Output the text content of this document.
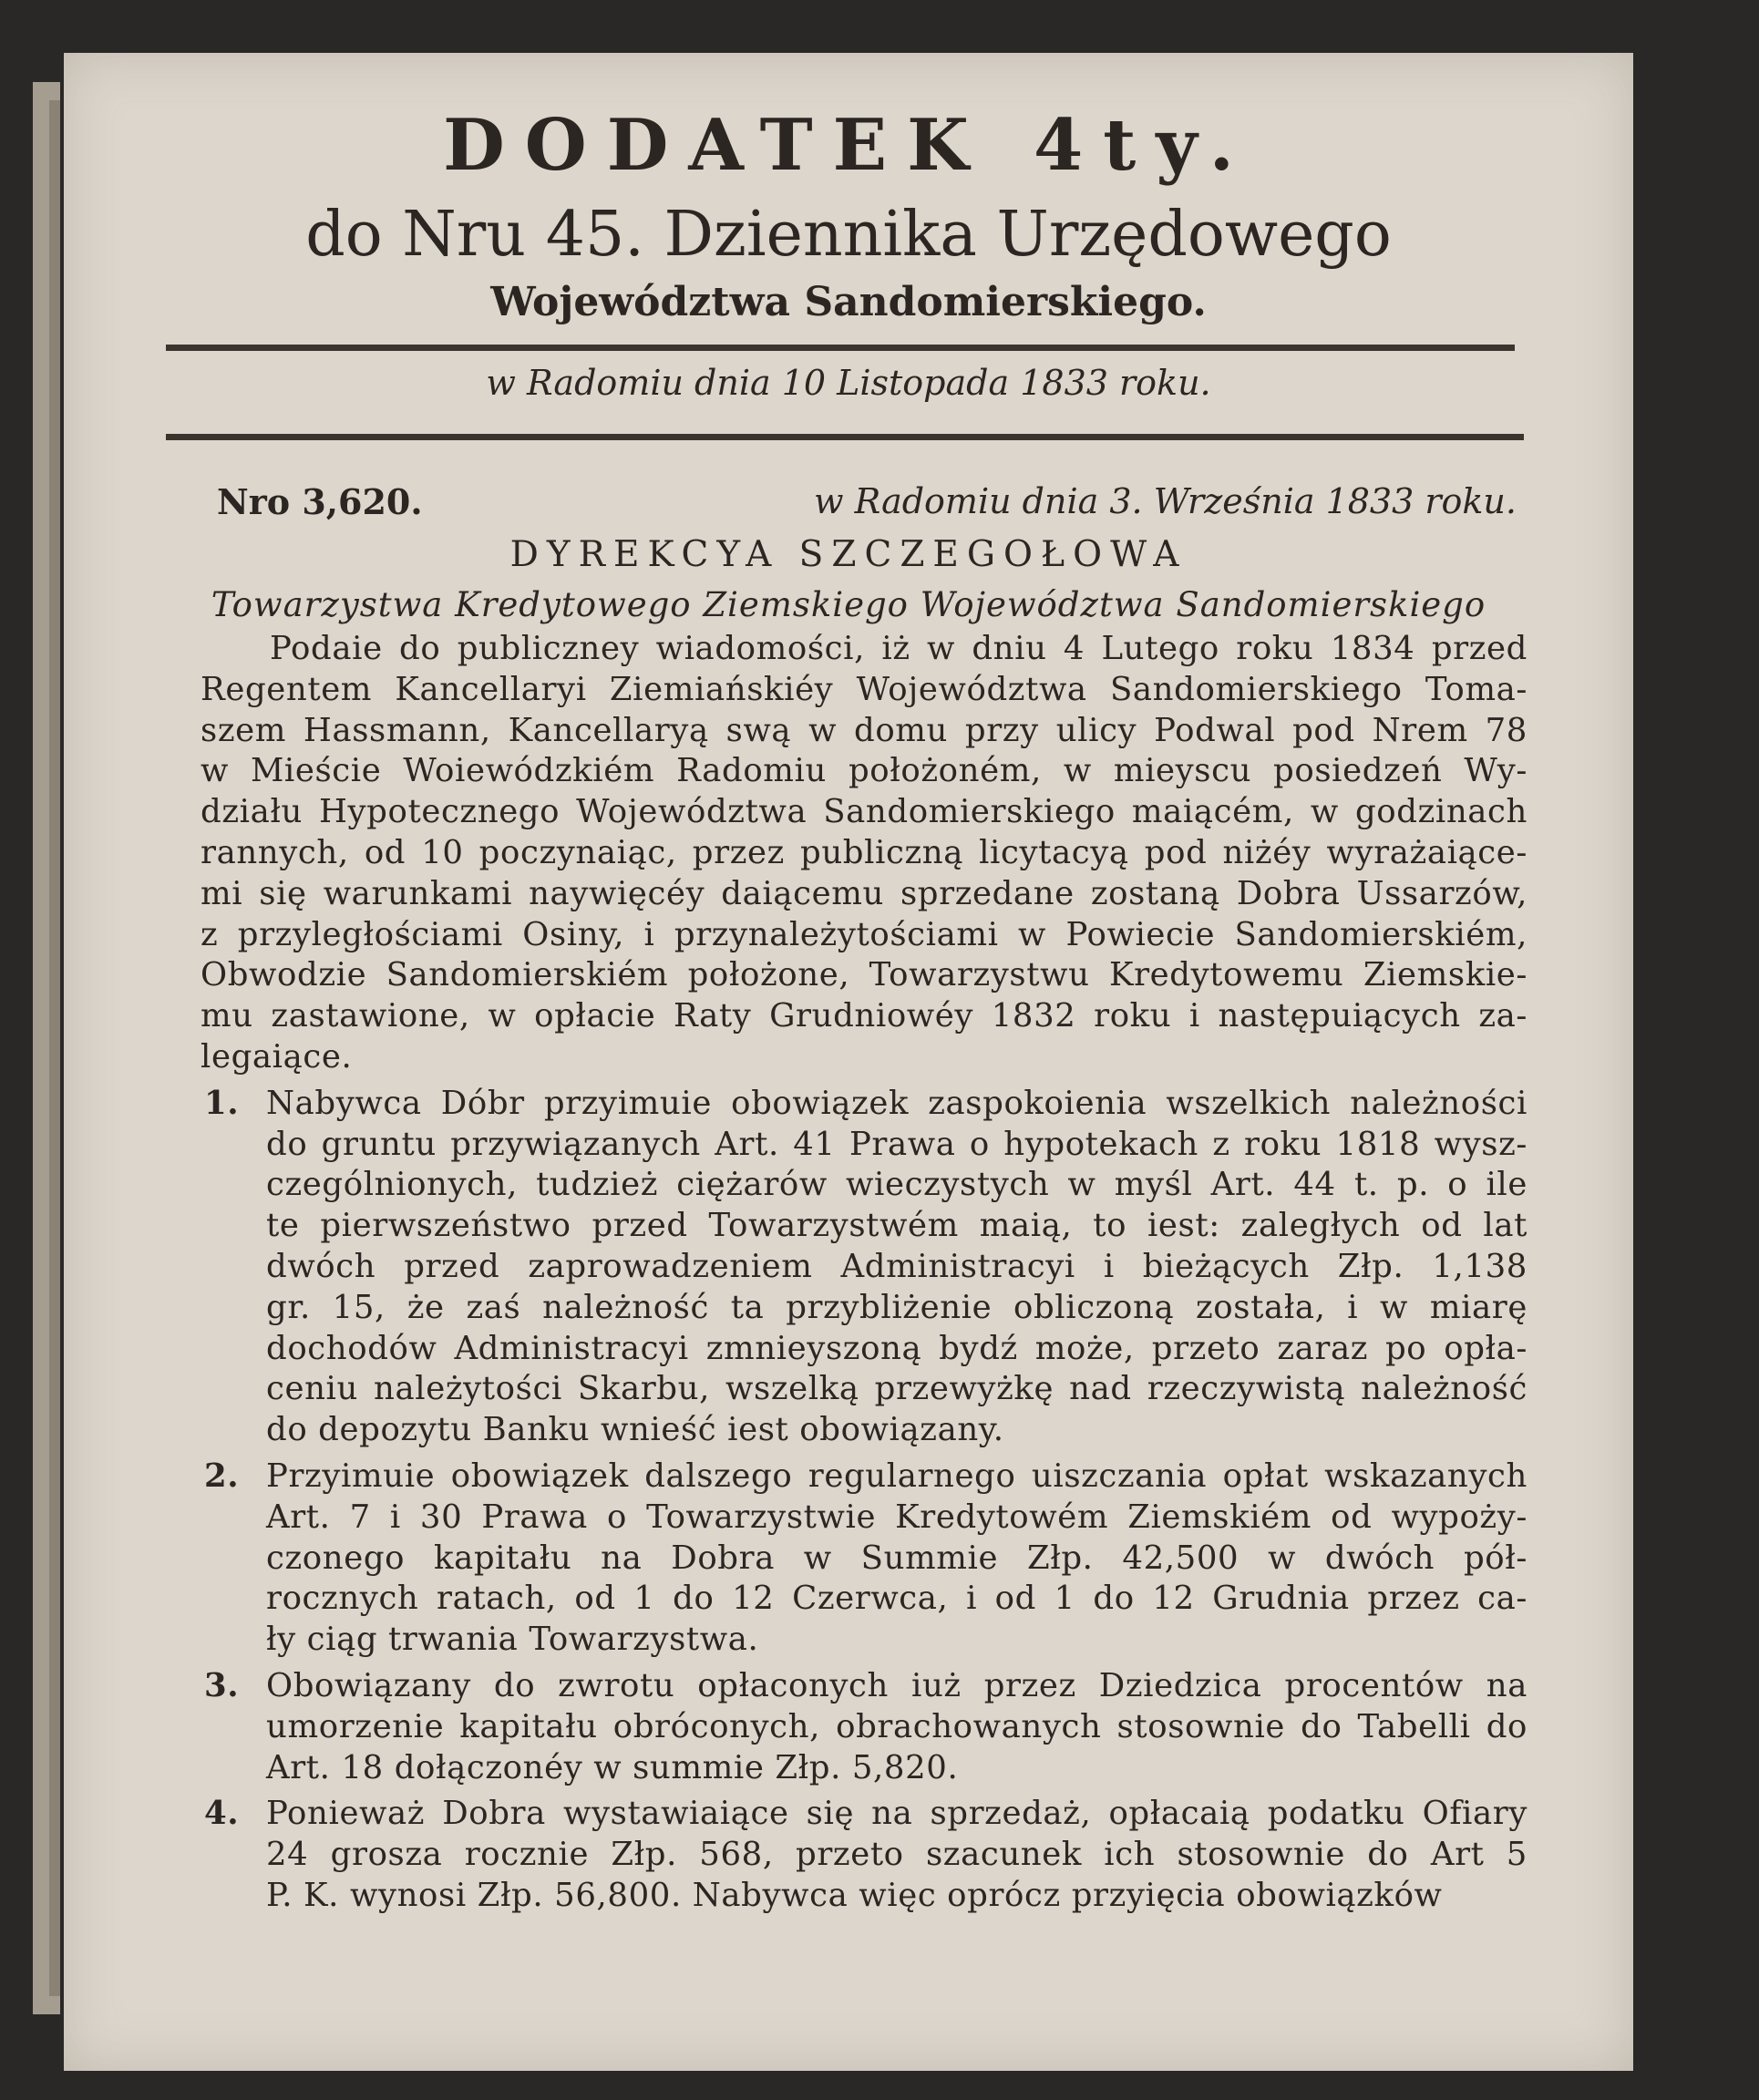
DODATEK 4ty.
do Nru 45. Dziennika Urzędowego
Województwa Sandomierskiego.
w Radomiu dnia 10 Listopada 1833 roku.
Nro 3,620.	w Radomiu dnia 3. Września 1833 roku.
DYREKCYA SZCZEGOŁOWA
Towarzystwa Kredytowego Ziemskiego Województwa Sandomierskiego
Podaie do publiczney wiadomości, iż w dniu 4 Lutego roku 1834 przed
Regentem Kancellaryi Ziemiańskiéy Województwa Sandomierskiego Toma-
szem Hassmann, Kancellaryą swą w domu przy ulicy Podwal pod Nrem 78
w Mieście Woiewódzkiém Radomiu położoném, w mieyscu posiedzeń Wy-
działu Hypotecznego Województwa Sandomierskiego maiącém, w godzinach
rannych, od 10 poczynaiąc, przez publiczną licytacyą pod niżéy wyrażaiące-
mi się warunkami naywięcéy daiącemu sprzedane zostaną Dobra Ussarzów,
z przyległościami Osiny, i przynależytościami w Powiecie Sandomierskiém,
Obwodzie Sandomierskiém położone, Towarzystwu Kredytowemu Ziemskie-
mu zastawione, w opłacie Raty Grudniowéy 1832 roku i następuiących za-
legaiące.
1. Nabywca Dóbr przyimuie obowiązek zaspokoienia wszelkich należności
do gruntu przywiązanych Art. 41 Prawa o hypotekach z roku 1818 wysz-
czególnionych, tudzież ciężarów wieczystych w myśl Art. 44 t. p. o ile
te pierwszeństwo przed Towarzystwém maią, to iest: zaległych od lat
dwóch przed zaprowadzeniem Administracyi i bieżących Złp. 1,138
gr. 15, że zaś należność ta przybliżenie obliczoną została, i w miarę
dochodów Administracyi zmnieyszoną bydź może, przeto zaraz po opła-
ceniu należytości Skarbu, wszelką przewyżkę nad rzeczywistą należność
do depozytu Banku wnieść iest obowiązany.
2. Przyimuie obowiązek dalszego regularnego uiszczania opłat wskazanych
Art. 7 i 30 Prawa o Towarzystwie Kredytowém Ziemskiém od wypoży-
czonego kapitału na Dobra w Summie Złp. 42,500 w dwóch pół-
rocznych ratach, od 1 do 12 Czerwca, i od 1 do 12 Grudnia przez ca-
ły ciąg trwania Towarzystwa.
3. Obowiązany do zwrotu opłaconych iuż przez Dziedzica procentów na
umorzenie kapitału obróconych, obrachowanych stosownie do Tabelli do
Art. 18 dołączonéy w summie Złp. 5,820.
4. Ponieważ Dobra wystawiaiące się na sprzedaż, opłacaią podatku Ofiary
24 grosza rocznie Złp. 568, przeto szacunek ich stosownie do Art 5
P. K. wynosi Złp. 56,800. Nabywca więc oprócz przyięcia obowiązków
